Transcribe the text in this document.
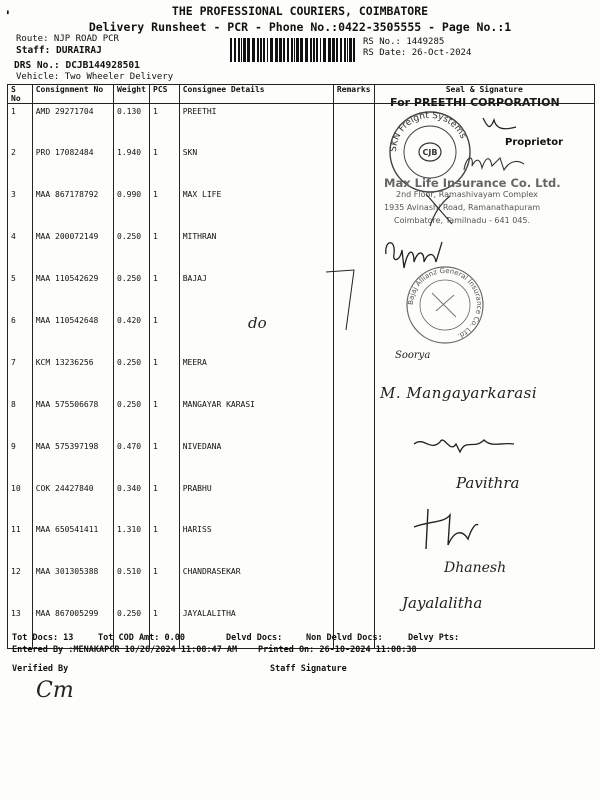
THE PROFESSIONAL COURIERS, COIMBATORE
Delivery Runsheet - PCR - Phone No.:0422-3505555 - Page No.:1
▮
Route: NJP ROAD PCR
Staff: DURAIRAJ
DRS No.: DCJB144928501
Vehicle: Two Wheeler Delivery
RS No.: 1449285
RS Date: 26-Oct-2024
S No	Consignment No	Weight	PCS	Consignee Details	Remarks	Seal & Signature
1	AMD 29271704	0.130	1	PREETHI		
2	PRO 17082484	1.940	1	SKN		
3	MAA 867178792	0.990	1	MAX LIFE		
4	MAA 200072149	0.250	1	MITHRAN		
5	MAA 110542629	0.250	1	BAJAJ		
6	MAA 110542648	0.420	1			
7	KCM 13236256	0.250	1	MEERA		
8	MAA 575506678	0.250	1	MANGAYAR KARASI		
9	MAA 575397198	0.470	1	NIVEDANA		
10	COK 24427840	0.340	1	PRABHU		
11	MAA 650541411	1.310	1	HARISS		
12	MAA 301305388	0.510	1	CHANDRASEKAR		
13	MAA 867005299	0.250	1	JAYALALITHA		
For PREETHI CORPORATION
Proprietor
SKN Freight Systems
CJB
Max Life Insurance Co. Ltd.
2nd Floor, Ramashivayam Complex
1935 Avinashi Road, Ramanathapuram
Coimbatore, Tamilnadu - 641 045.
Bajaj Allianz General Insurance Co. Ltd.
do
Soorya
M. Mangayarkarasi
Pavithra
Dhanesh
Jayalalitha
Tot Docs: 13	Tot COD Amt: 0.00	Delvd Docs:	Non Delvd Docs:	Delvy Pts:
Entered By :MENAKAPCR 10/26/2024 11:08:47 AM Printed On: 26-10-2024 11:08:38
Verified By	Staff Signature
Cm
